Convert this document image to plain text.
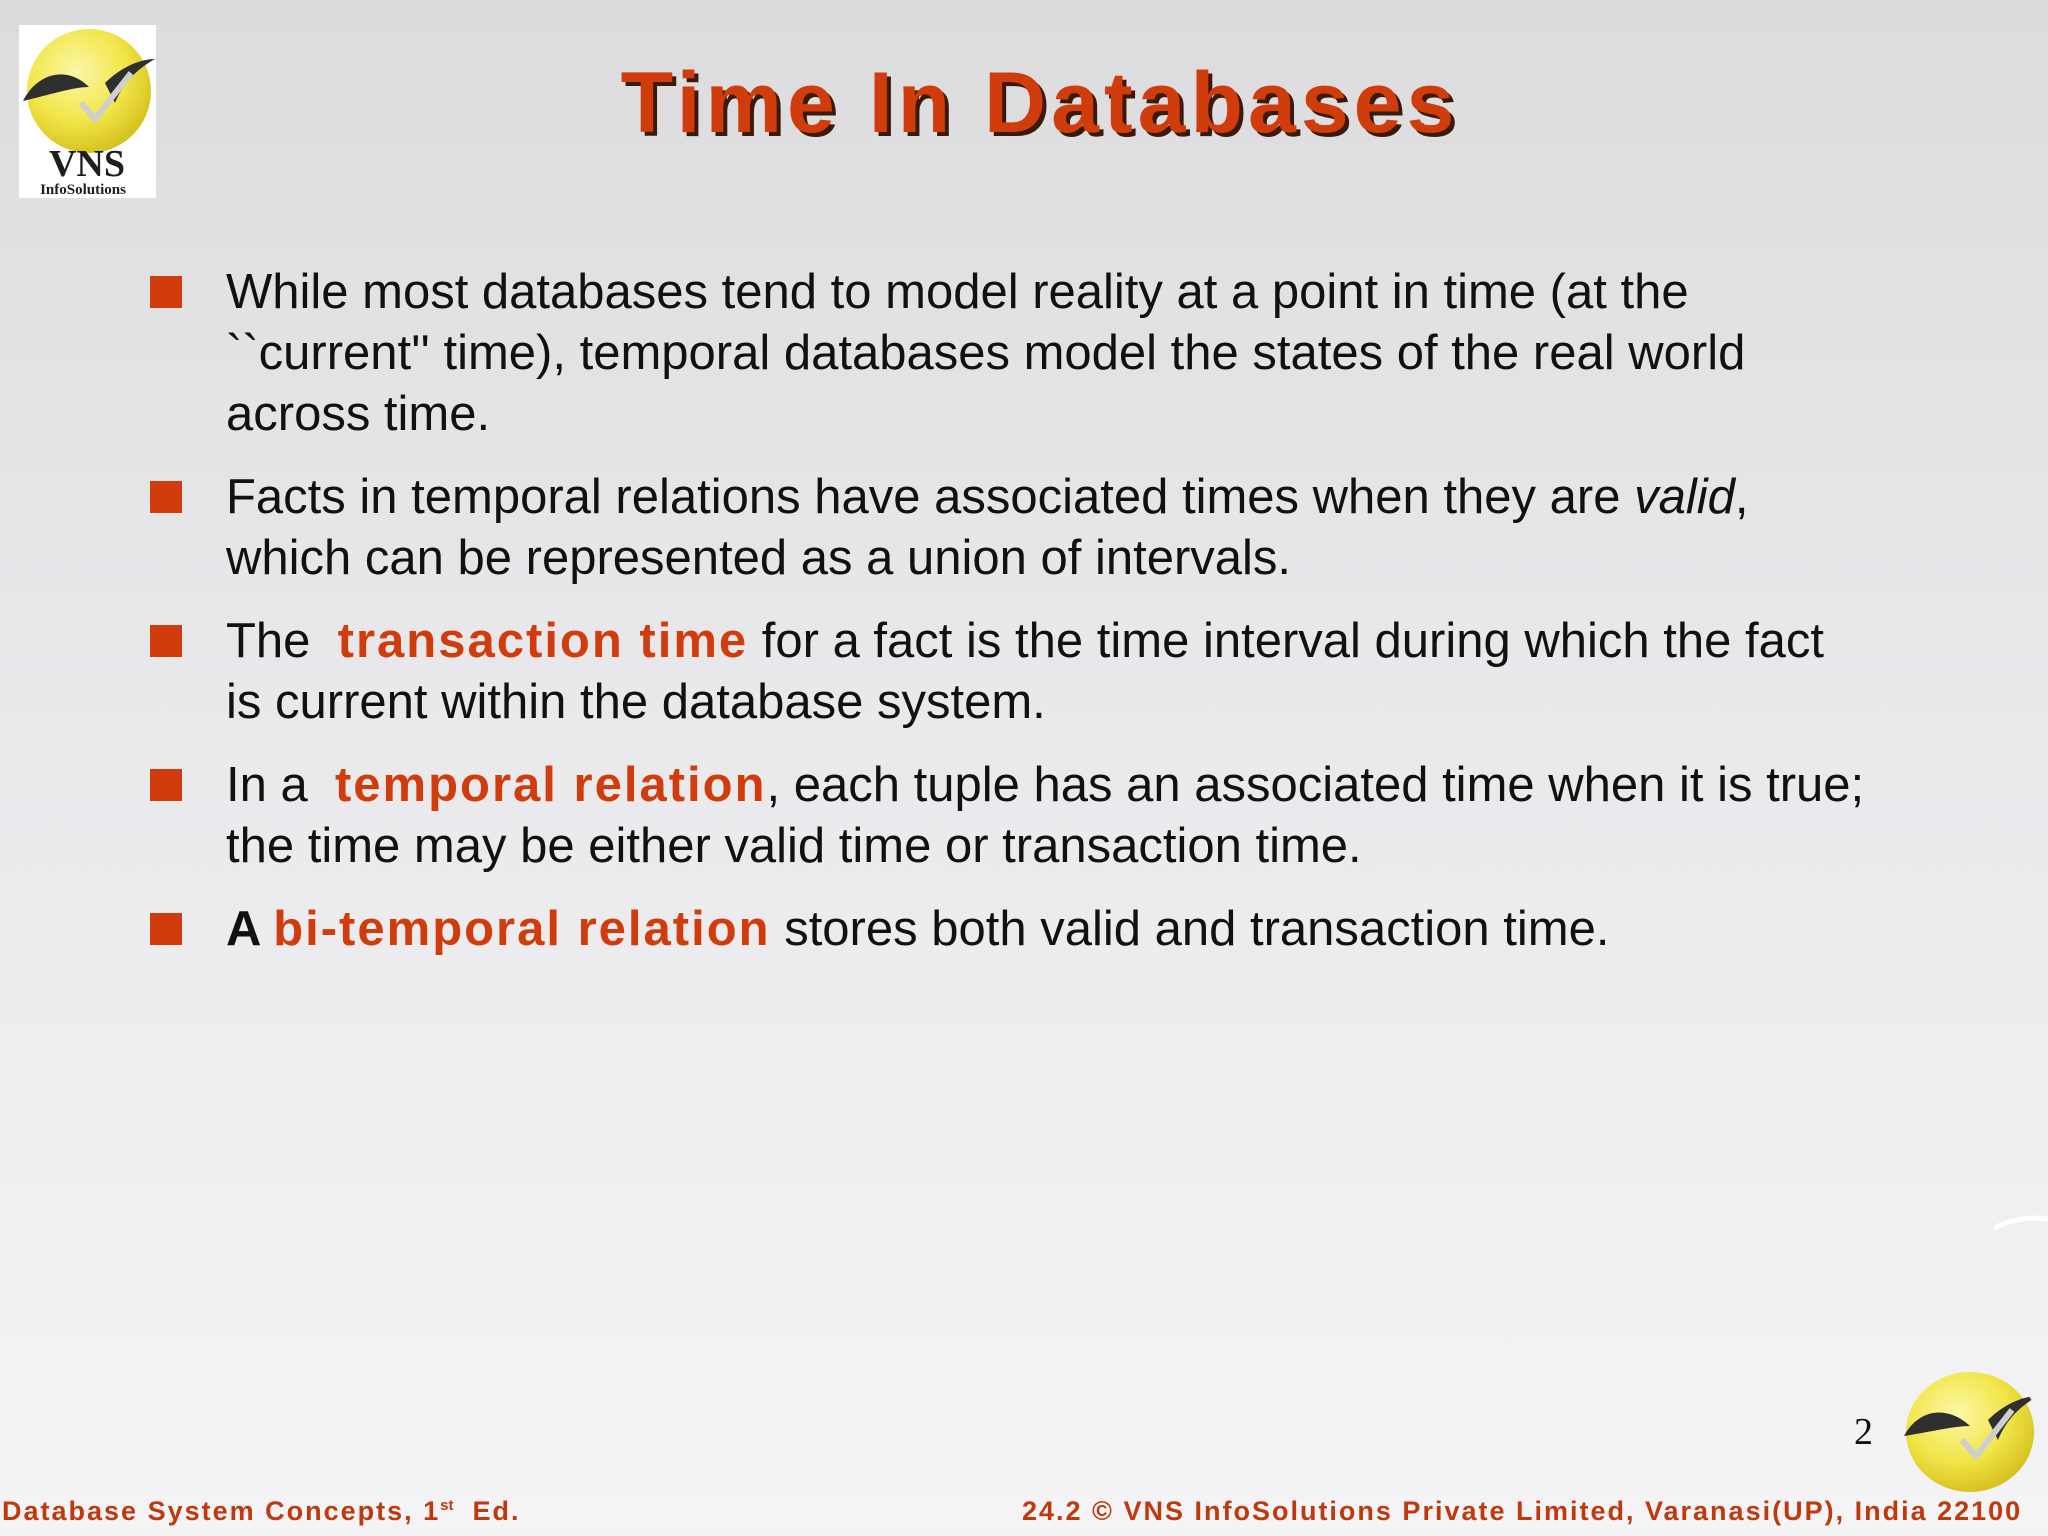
VNS
InfoSolutions
Time In Databases
While most databases tend to model reality at a point in time (at the ``current'' time), temporal databases model the states of the real world across time.
Facts in temporal relations have associated times when they are valid, which can be represented as a union of intervals.
The  transaction time for a fact is the time interval during which the fact is current within the database system.
In a  temporal relation, each tuple has an associated time when it is true; the time may be either valid time or transaction time.
A bi-temporal relation stores both valid and transaction time.
2
Database System Concepts, 1st  Ed.	24.2 © VNS InfoSolutions Private Limited, Varanasi(UP), India 22100
